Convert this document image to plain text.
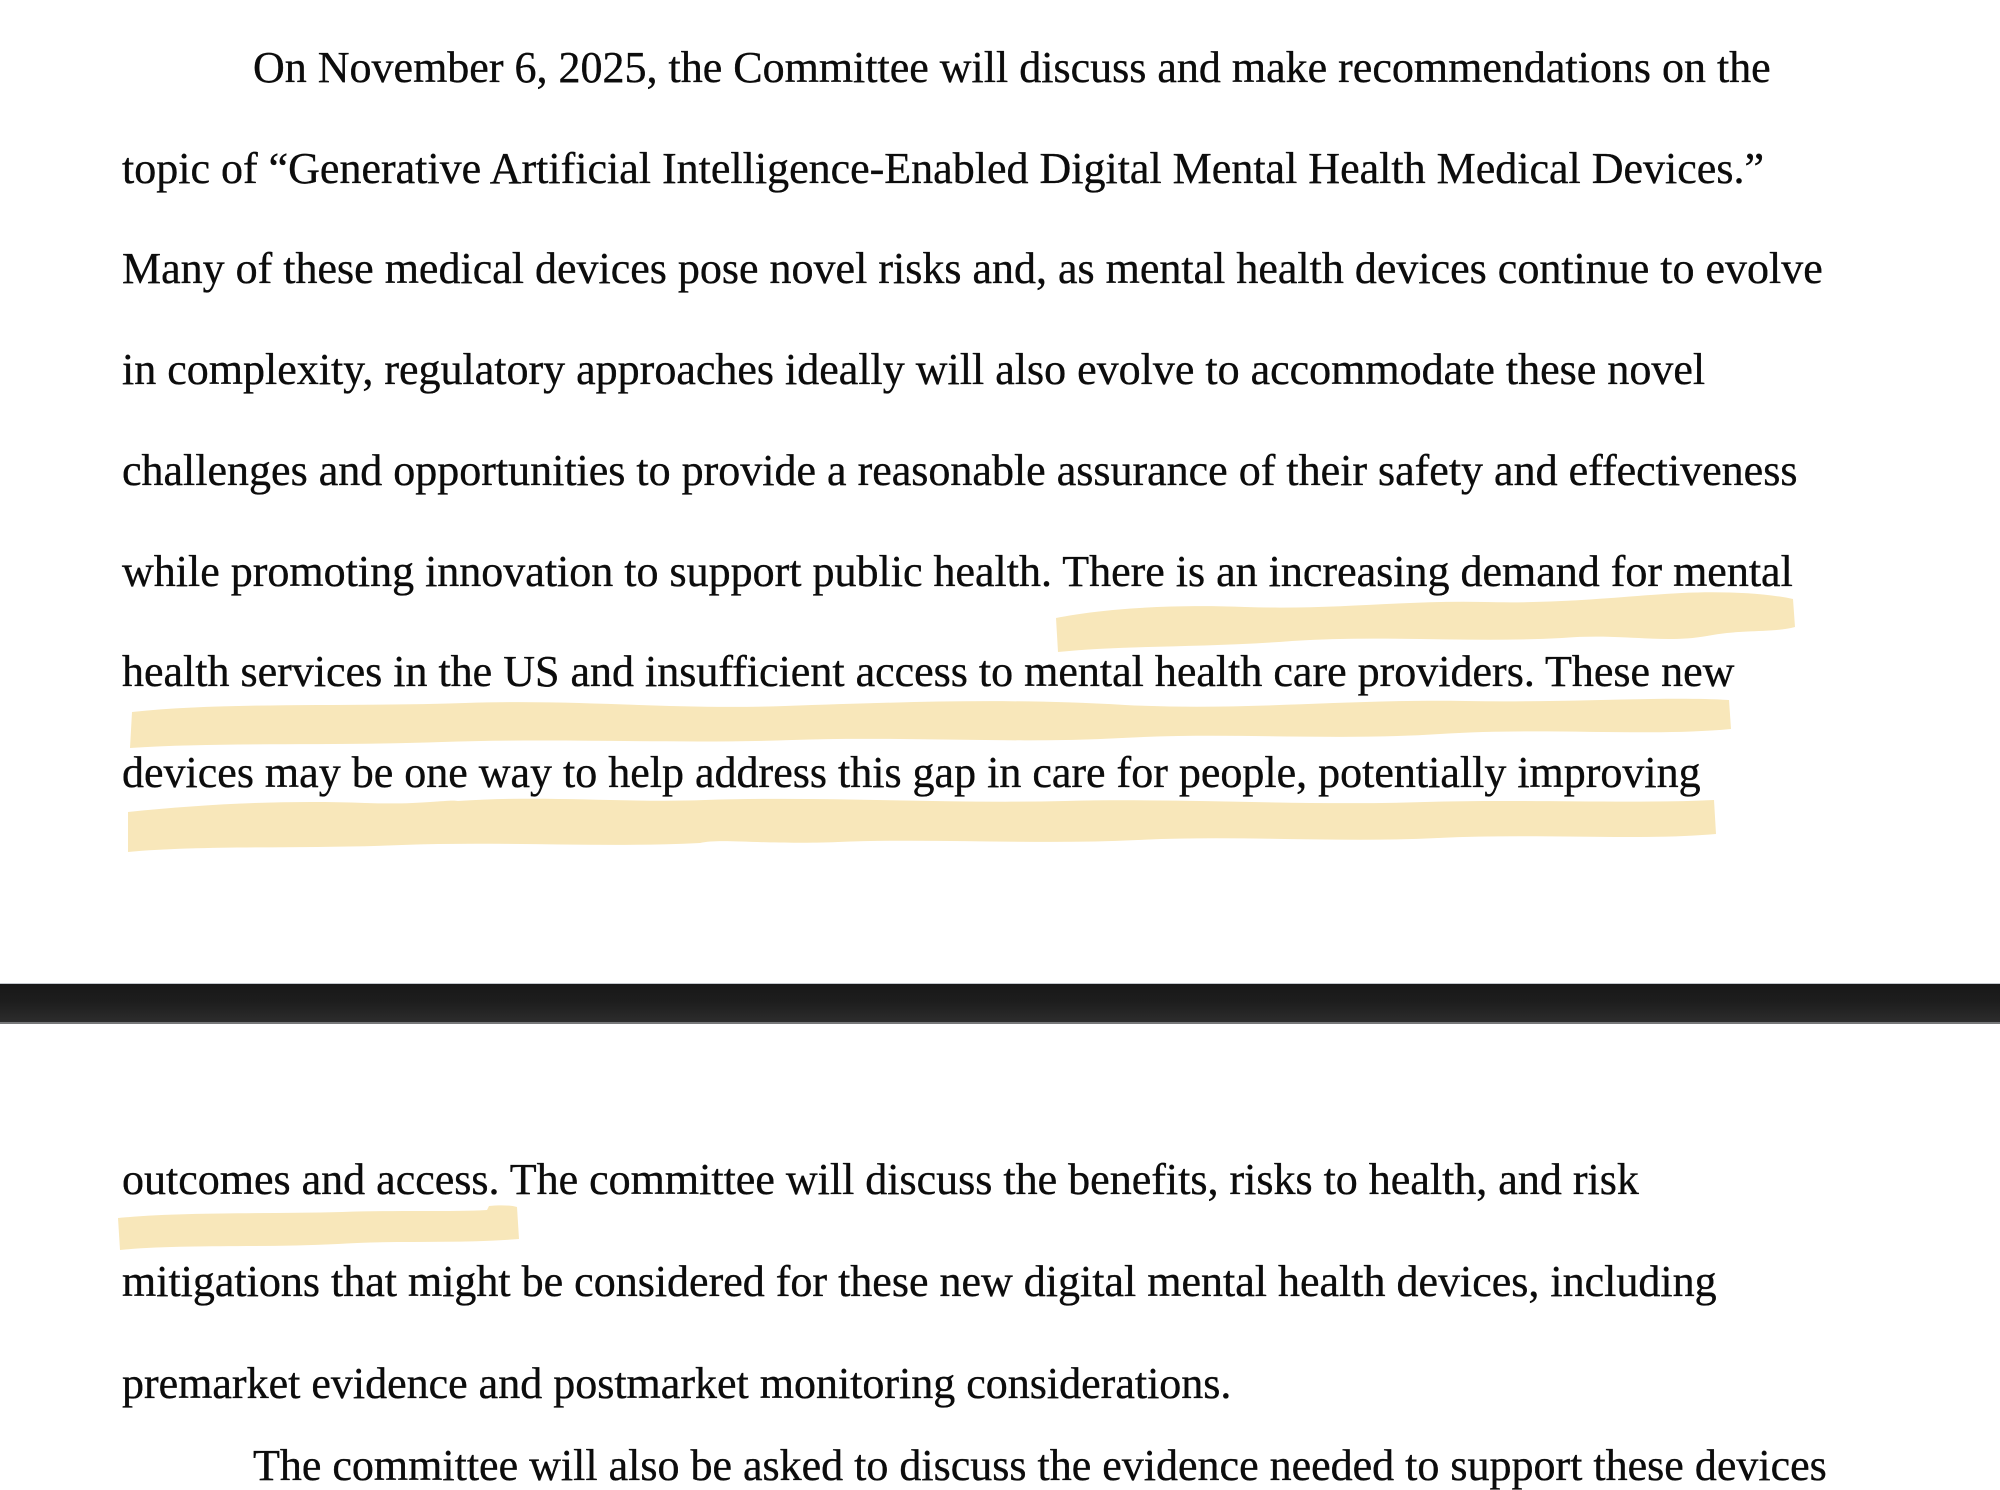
On November 6, 2025, the Committee will discuss and make recommendations on the
topic of “Generative Artificial Intelligence-Enabled Digital Mental Health Medical Devices.”
Many of these medical devices pose novel risks and, as mental health devices continue to evolve
in complexity, regulatory approaches ideally will also evolve to accommodate these novel
challenges and opportunities to provide a reasonable assurance of their safety and effectiveness
while promoting innovation to support public health. There is an increasing demand for mental
health services in the US and insufficient access to mental health care providers. These new
devices may be one way to help address this gap in care for people, potentially improving
outcomes and access. The committee will discuss the benefits, risks to health, and risk
mitigations that might be considered for these new digital mental health devices, including
premarket evidence and postmarket monitoring considerations.
The committee will also be asked to discuss the evidence needed to support these devices
